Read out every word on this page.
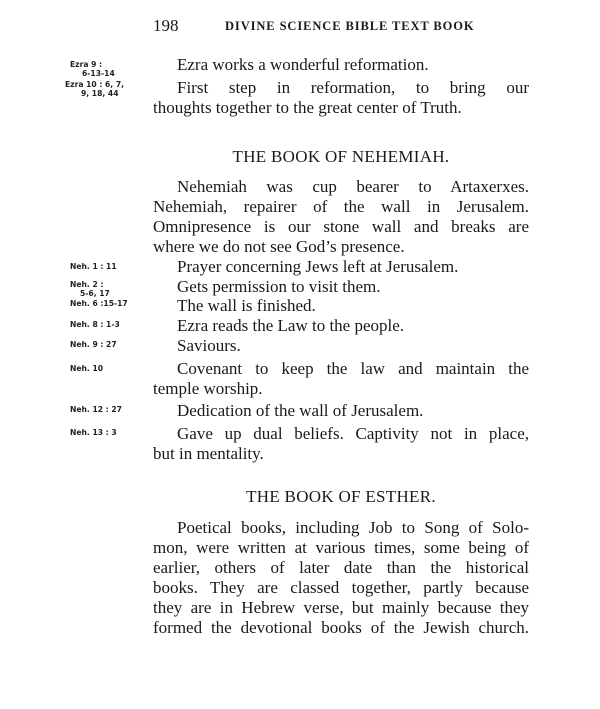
198	DIVINE SCIENCE BIBLE TEXT BOOK
Ezra 9 :
6-13-14	Ezra works a wonderful reformation.
Ezra 10 : 6, 7,
9, 18, 44	First step in reformation, to bring our
thoughts together to the great center of Truth.
THE BOOK OF NEHEMIAH.
Nehemiah was cup bearer to Artaxerxes.
Nehemiah, repairer of the wall in Jerusalem.
Omnipresence is our stone wall and breaks are
where we do not see God’s presence.
Neh. 1 : 11	Prayer concerning Jews left at Jerusalem.
Neh. 2 :
5-6, 17	Gets permission to visit them.
Neh. 6 :15-17	The wall is finished.
Neh. 8 : 1-3	Ezra reads the Law to the people.
Neh. 9 : 27	Saviours.
Neh. 10	Covenant to keep the law and maintain the
temple worship.
Neh. 12 : 27	Dedication of the wall of Jerusalem.
Neh. 13 : 3	Gave up dual beliefs. Captivity not in place,
but in mentality.
THE BOOK OF ESTHER.
Poetical books, including Job to Song of Solo-
mon, were written at various times, some being of
earlier, others of later date than the historical
books. They are classed together, partly because
they are in Hebrew verse, but mainly because they
formed the devotional books of the Jewish church.
